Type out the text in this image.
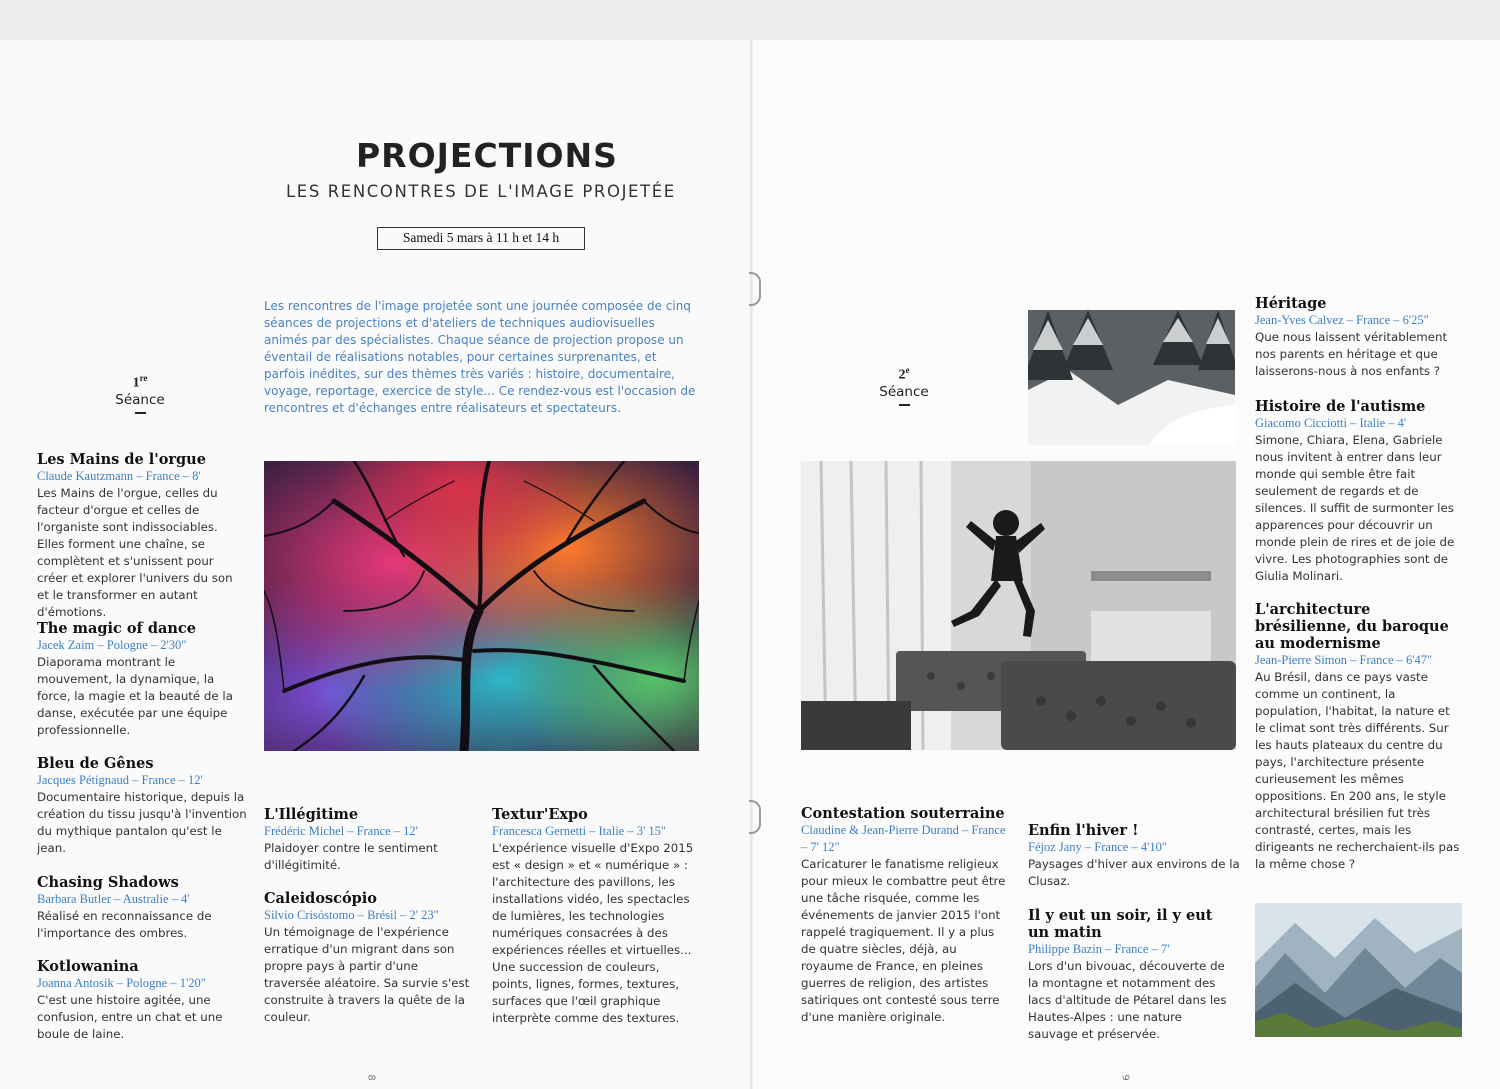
PROJECTIONS
LES RENCONTRES DE L'IMAGE PROJETÉE
Samedi 5 mars à 11 h et 14 h
Les rencontres de l'image projetée sont une journée composée de cinq séances de projections et d'ateliers de techniques audiovisuelles animés par des spécialistes. Chaque séance de projection propose un éventail de réalisations notables, pour certaines surprenantes, et parfois inédites, sur des thèmes très variés : histoire, documentaire, voyage, reportage, exercice de style... Ce rendez-vous est l'occasion de rencontres et d'échanges entre réalisateurs et spectateurs.
1re
Séance
2e
Séance
Les Mains de l'orgue
Claude Kautzmann – France – 8'
Les Mains de l'orgue, celles du facteur d'orgue et celles de l'organiste sont indissociables. Elles forment une chaîne, se complètent et s'unissent pour créer et explorer l'univers du son et le transformer en autant d'émotions.
The magic of dance
Jacek Zaim – Pologne – 2'30"
Diaporama montrant le mouvement, la dynamique, la force, la magie et la beauté de la danse, exécutée par une équipe professionnelle.
Bleu de Gênes
Jacques Pétignaud – France – 12'
Documentaire historique, depuis la création du tissu jusqu'à l'invention du mythique pantalon qu'est le jean.
Chasing Shadows
Barbara Butler – Australie – 4'
Réalisé en reconnaissance de l'importance des ombres.
Kotlowanina
Joanna Antosik – Pologne – 1'20"
C'est une histoire agitée, une confusion, entre un chat et une boule de laine.
L'Illégitime
Frédéric Michel – France – 12'
Plaidoyer contre le sentiment d'illégitimité.
Caleidoscópio
Silvio Crisóstomo – Brésil – 2' 23"
Un témoignage de l'expérience erratique d'un migrant dans son propre pays à partir d'une traversée aléatoire. Sa survie s'est construite à travers la quête de la couleur.
Textur'Expo
Francesca Gernetti – Italie – 3' 15"
L'expérience visuelle d'Expo 2015 est « design » et « numérique » : l'architecture des pavillons, les installations vidéo, les spectacles de lumières, les technologies numériques consacrées à des expériences réelles et virtuelles... Une succession de couleurs, points, lignes, formes, textures, surfaces que l'œil graphique interprète comme des textures.
Contestation souterraine
Claudine & Jean-Pierre Durand – France – 7' 12"
Caricaturer le fanatisme religieux pour mieux le combattre peut être une tâche risquée, comme les événements de janvier 2015 l'ont rappelé tragiquement. Il y a plus de quatre siècles, déjà, au royaume de France, en pleines guerres de religion, des artistes satiriques ont contesté sous terre d'une manière originale.
Enfin l'hiver !
Féjoz Jany – France – 4'10"
Paysages d'hiver aux environs de la Clusaz.
Il y eut un soir, il y eut un matin
Philippe Bazin – France – 7'
Lors d'un bivouac, découverte de la montagne et notamment des lacs d'altitude de Pétarel dans les Hautes-Alpes : une nature sauvage et préservée.
Héritage
Jean-Yves Calvez – France – 6'25"
Que nous laissent véritablement nos parents en héritage et que laisserons-nous à nos enfants ?
Histoire de l'autisme
Giacomo Cicciotti – Italie – 4'
Simone, Chiara, Elena, Gabriele nous invitent à entrer dans leur monde qui semble être fait seulement de regards et de silences. Il suffit de surmonter les apparences pour découvrir un monde plein de rires et de joie de vivre. Les photographies sont de Giulia Molinari.
L'architecture brésilienne, du baroque au modernisme
Jean-Pierre Simon – France – 6'47"
Au Brésil, dans ce pays vaste comme un continent, la population, l'habitat, la nature et le climat sont très différents. Sur les hauts plateaux du centre du pays, l'architecture présente curieusement les mêmes oppositions. En 200 ans, le style architectural brésilien fut très contrasté, certes, mais les dirigeants ne recherchaient-ils pas la même chose ?
8	9
